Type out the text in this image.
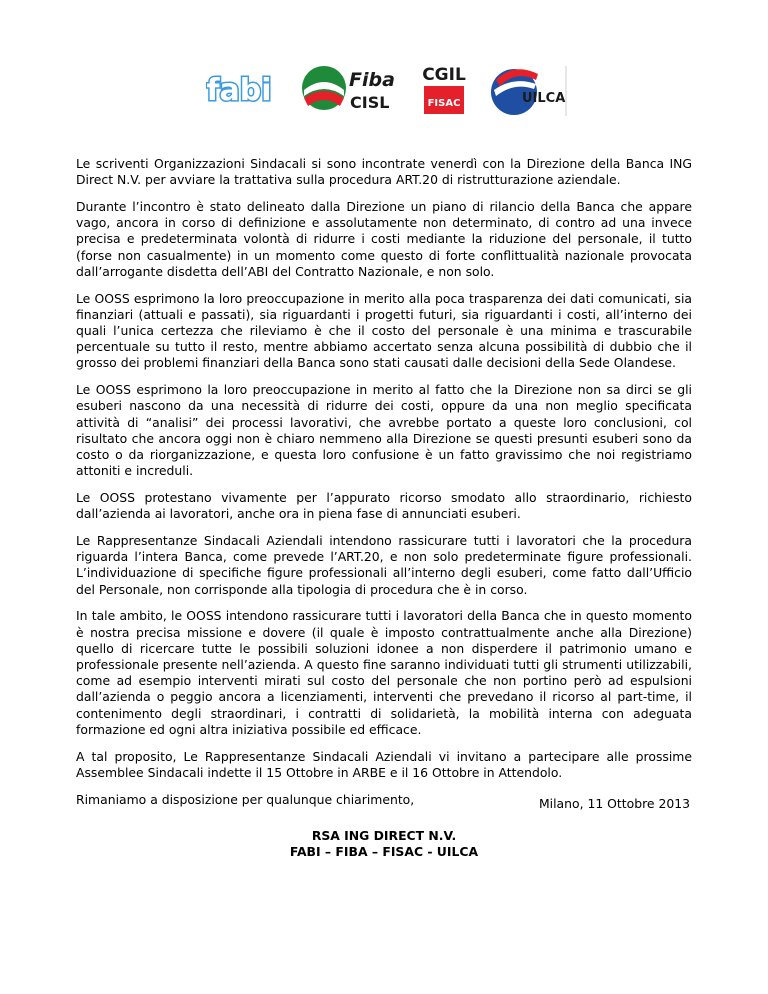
fabi	Fiba
CISL
CGIL
FISAC	UILCA

Le scriventi Organizzazioni Sindacali si sono incontrate venerdì con la Direzione della Banca ING Direct N.V. per avviare la trattativa sulla procedura ART.20 di ristrutturazione aziendale.

Durante l’incontro è stato delineato dalla Direzione un piano di rilancio della Banca che appare vago, ancora in corso di definizione e assolutamente non determinato, di contro ad una invece precisa e predeterminata volontà di ridurre i costi mediante la riduzione del personale, il tutto (forse non casualmente) in un momento come questo di forte conflittualità nazionale provocata dall’arrogante disdetta dell’ABI del Contratto Nazionale, e non solo.

Le OOSS esprimono la loro preoccupazione in merito alla poca trasparenza dei dati comunicati, sia finanziari (attuali e passati), sia riguardanti i progetti futuri, sia riguardanti i costi, all’interno dei quali l’unica certezza che rileviamo è che il costo del personale è una minima e trascurabile percentuale su tutto il resto, mentre abbiamo accertato senza alcuna possibilità di dubbio che il grosso dei problemi finanziari della Banca sono stati causati dalle decisioni della Sede Olandese.

Le OOSS esprimono la loro preoccupazione in merito al fatto che la Direzione non sa dirci se gli esuberi nascono da una necessità di ridurre dei costi, oppure da una non meglio specificata attività di “analisi” dei processi lavorativi, che avrebbe portato a queste loro conclusioni, col risultato che ancora oggi non è chiaro nemmeno alla Direzione se questi presunti esuberi sono da costo o da riorganizzazione, e questa loro confusione è un fatto gravissimo che noi registriamo attoniti e increduli.

Le OOSS protestano vivamente per l’appurato ricorso smodato allo straordinario, richiesto dall’azienda ai lavoratori, anche ora in piena fase di annunciati esuberi.

Le Rappresentanze Sindacali Aziendali intendono rassicurare tutti i lavoratori che la procedura riguarda l’intera Banca, come prevede l’ART.20, e non solo predeterminate figure professionali. L’individuazione di specifiche figure professionali all’interno degli esuberi, come fatto dall’Ufficio del Personale, non corrisponde alla tipologia di procedura che è in corso.

In tale ambito, le OOSS intendono rassicurare tutti i lavoratori della Banca che in questo momento è nostra precisa missione e dovere (il quale è imposto contrattualmente anche alla Direzione) quello di ricercare tutte le possibili soluzioni idonee a non disperdere il patrimonio umano e professionale presente nell’azienda. A questo fine saranno individuati tutti gli strumenti utilizzabili, come ad esempio interventi mirati sul costo del personale che non portino però ad espulsioni dall’azienda o peggio ancora a licenziamenti, interventi che prevedano il ricorso al part-time, il contenimento degli straordinari, i contratti di solidarietà, la mobilità interna con adeguata formazione ed ogni altra iniziativa possibile ed efficace.

A tal proposito, Le Rappresentanze Sindacali Aziendali vi invitano a partecipare alle prossime Assemblee Sindacali indette il 15 Ottobre in ARBE e il 16 Ottobre in Attendolo.

Rimaniamo a disposizione per qualunque chiarimento,	Milano, 11 Ottobre 2013
RSA ING DIRECT N.V.
FABI – FIBA – FISAC - UILCA
